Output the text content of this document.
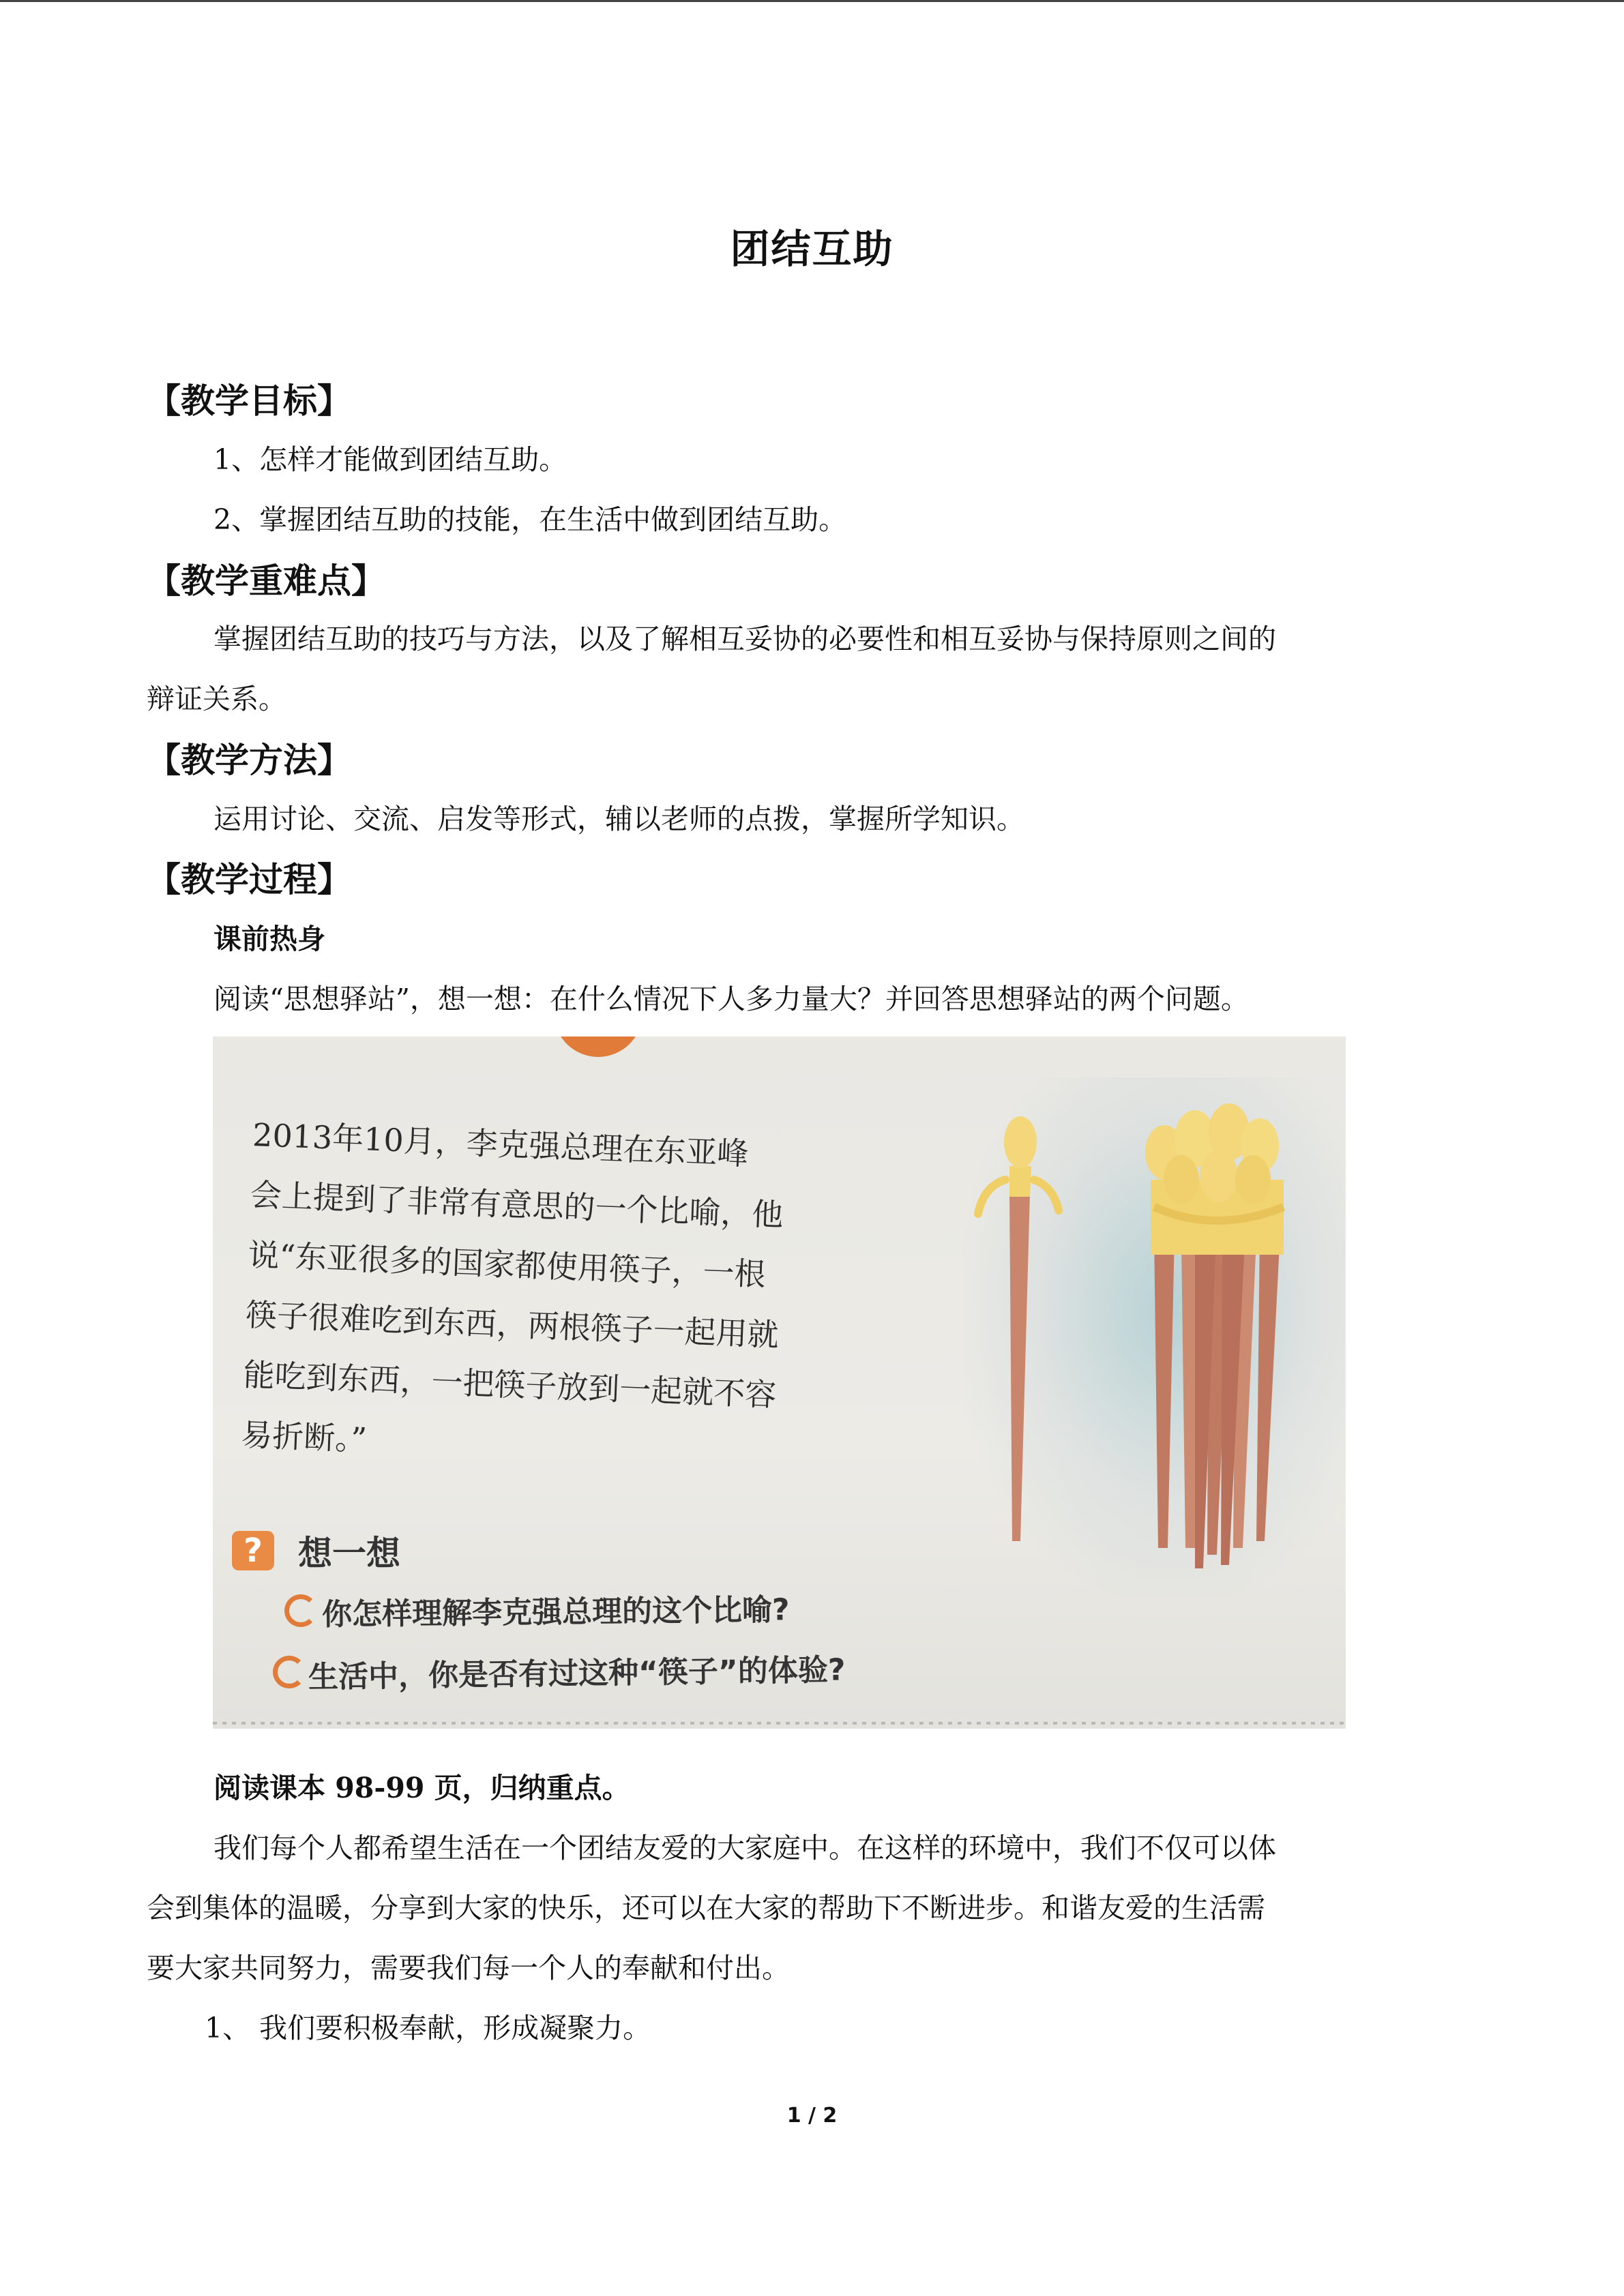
团结互助
【教学目标】
1、怎样才能做到团结互助。
2、掌握团结互助的技能，在生活中做到团结互助。
【教学重难点】
掌握团结互助的技巧与方法，以及了解相互妥协的必要性和相互妥协与保持原则之间的
辩证关系。
【教学方法】
运用讨论、交流、启发等形式，辅以老师的点拨，掌握所学知识。
【教学过程】
课前热身
阅读“思想驿站”，想一想：在什么情况下人多力量大？并回答思想驿站的两个问题。
2013年10月，李克强总理在东亚峰
会上提到了非常有意思的一个比喻，他
说“东亚很多的国家都使用筷子，一根
筷子很难吃到东西，两根筷子一起用就
能吃到东西，一把筷子放到一起就不容
易折断。”
?	想一想
你怎样理解李克强总理的这个比喻?
生活中，你是否有过这种“筷子”的体验?
阅读课本 98-99 页，归纳重点。
我们每个人都希望生活在一个团结友爱的大家庭中。在这样的环境中，我们不仅可以体
会到集体的温暖，分享到大家的快乐，还可以在大家的帮助下不断进步。和谐友爱的生活需
要大家共同努力，需要我们每一个人的奉献和付出。
1、 我们要积极奉献，形成凝聚力。
1 / 2
